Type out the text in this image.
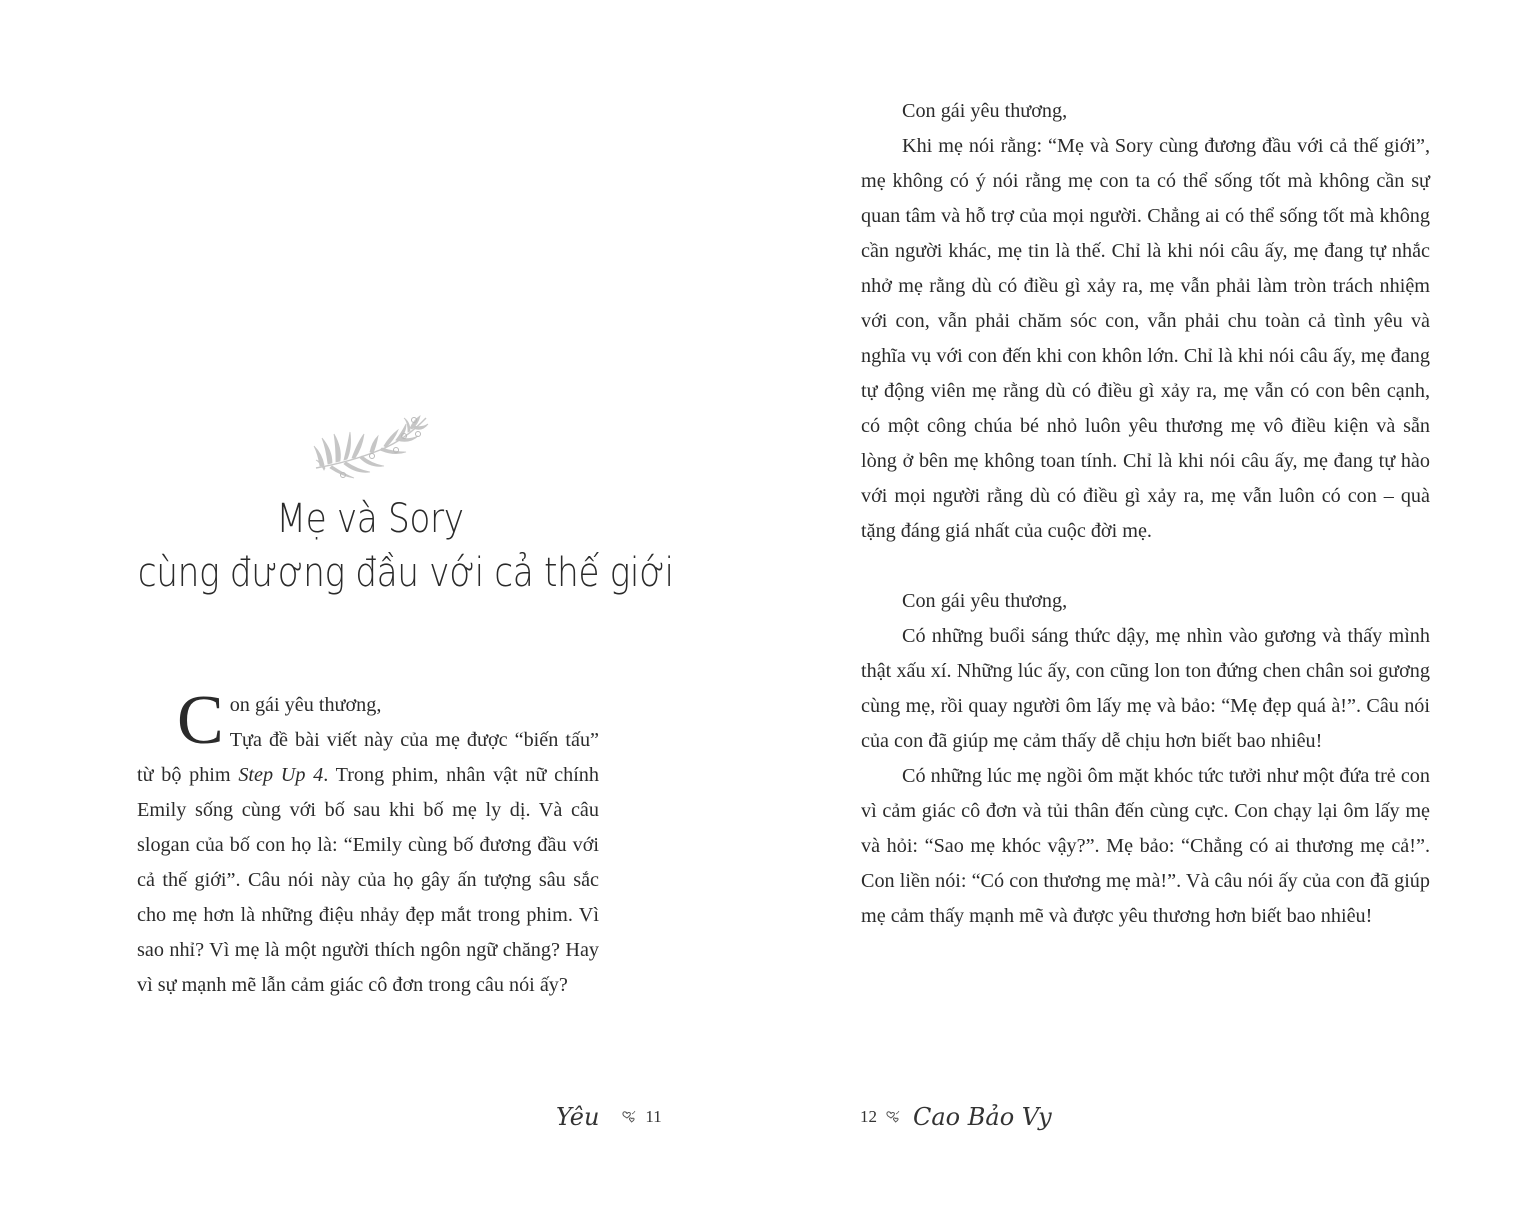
Mẹ và Sory
cùng đương đầu với cả thế giới
C on gái yêu thương,

Tựa đề bài viết này của mẹ được “biến tấu” từ bộ phim Step Up 4. Trong phim, nhân vật nữ chính Emily sống cùng với bố sau khi bố mẹ ly dị. Và câu slogan của bố con họ là: “Emily cùng bố đương đầu với cả thế giới”. Câu nói này của họ gây ấn tượng sâu sắc cho mẹ hơn là những điệu nhảy đẹp mắt trong phim. Vì sao nhỉ? Vì mẹ là một người thích ngôn ngữ chăng? Hay vì sự mạnh mẽ lẫn cảm giác cô đơn trong câu nói ấy?

Yêu	11

Con gái yêu thương,

Khi mẹ nói rằng: “Mẹ và Sory cùng đương đầu với cả thế giới”, mẹ không có ý nói rằng mẹ con ta có thể sống tốt mà không cần sự quan tâm và hỗ trợ của mọi người. Chẳng ai có thể sống tốt mà không cần người khác, mẹ tin là thế. Chỉ là khi nói câu ấy, mẹ đang tự nhắc nhở mẹ rằng dù có điều gì xảy ra, mẹ vẫn phải làm tròn trách nhiệm với con, vẫn phải chăm sóc con, vẫn phải chu toàn cả tình yêu và nghĩa vụ với con đến khi con khôn lớn. Chỉ là khi nói câu ấy, mẹ đang tự động viên mẹ rằng dù có điều gì xảy ra, mẹ vẫn có con bên cạnh, có một công chúa bé nhỏ luôn yêu thương mẹ vô điều kiện và sẵn lòng ở bên mẹ không toan tính. Chỉ là khi nói câu ấy, mẹ đang tự hào với mọi người rằng dù có điều gì xảy ra, mẹ vẫn luôn có con – quà tặng đáng giá nhất của cuộc đời mẹ.

Con gái yêu thương,

Có những buổi sáng thức dậy, mẹ nhìn vào gương và thấy mình thật xấu xí. Những lúc ấy, con cũng lon ton đứng chen chân soi gương cùng mẹ, rồi quay người ôm lấy mẹ và bảo: “Mẹ đẹp quá à!”. Câu nói của con đã giúp mẹ cảm thấy dễ chịu hơn biết bao nhiêu!

Có những lúc mẹ ngồi ôm mặt khóc tức tưởi như một đứa trẻ con vì cảm giác cô đơn và tủi thân đến cùng cực. Con chạy lại ôm lấy mẹ và hỏi: “Sao mẹ khóc vậy?”. Mẹ bảo: “Chẳng có ai thương mẹ cả!”. Con liền nói: “Có con thương mẹ mà!”. Và câu nói ấy của con đã giúp mẹ cảm thấy mạnh mẽ và được yêu thương hơn biết bao nhiêu!

12 Cao Bảo Vy
